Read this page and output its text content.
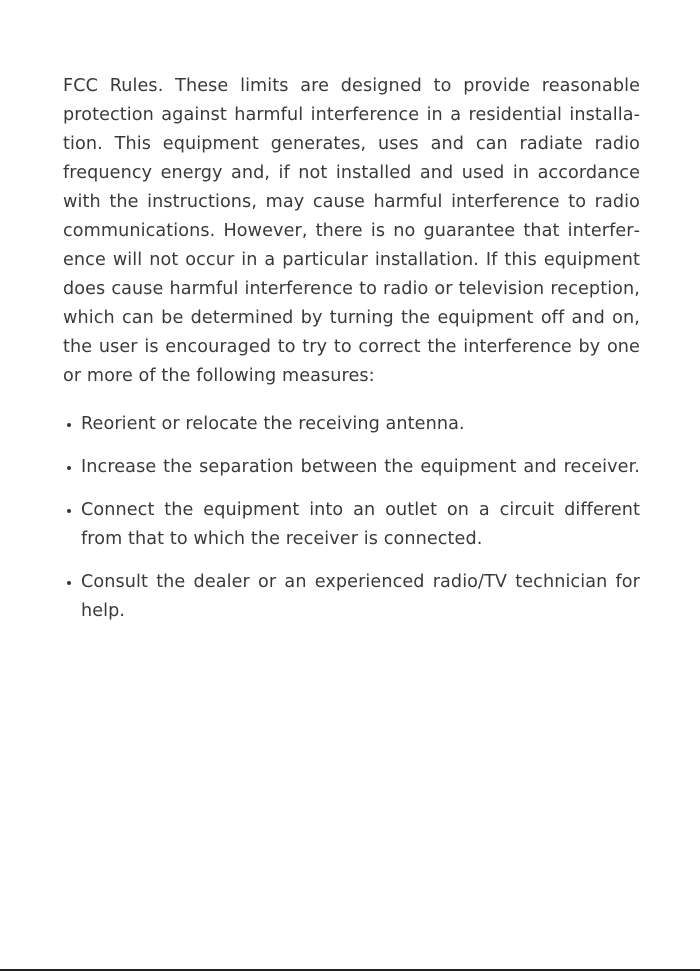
FCC Rules. These limits are designed to provide reasonable protection against harmful interference in a residential installation. This equipment generates, uses and can radiate radio frequency energy and, if not installed and used in accordance with the instructions, may cause harmful interference to radio communications. However, there is no guarantee that interference will not occur in a particular installation. If this equipment does cause harmful interference to radio or television reception, which can be determined by turning the equipment off and on, the user is encouraged to try to correct the interference by one or more of the following measures:

Reorient or relocate the receiving antenna.
Increase the separation between the equipment and receiver.
Connect the equipment into an outlet on a circuit different from that to which the receiver is connected.
Consult the dealer or an experienced radio/TV technician for help.
